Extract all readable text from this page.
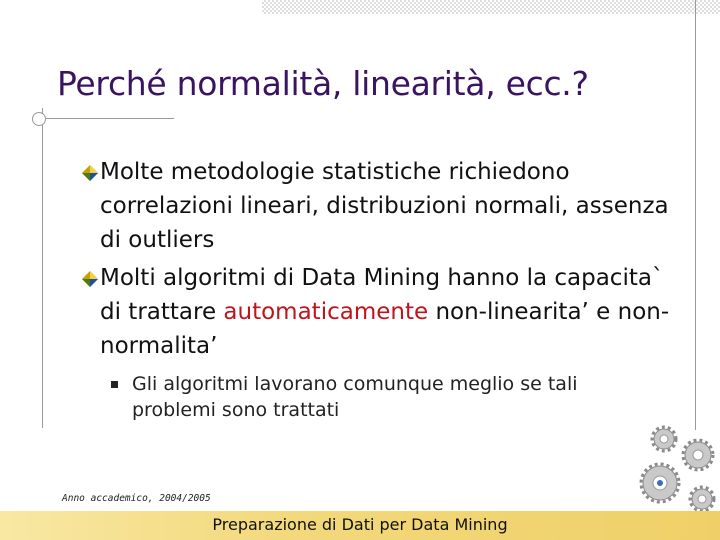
Perché normalità, linearità, ecc.?
Molte metodologie statistiche richiedono correlazioni lineari, distribuzioni normali, assenza di outliers
Molti algoritmi di Data Mining hanno la capacita` di trattare automaticamente non-linearita’ e non-normalita’
Gli algoritmi lavorano comunque meglio se tali problemi sono trattati
Anno accademico, 2004/2005
Preparazione di Dati per Data Mining
